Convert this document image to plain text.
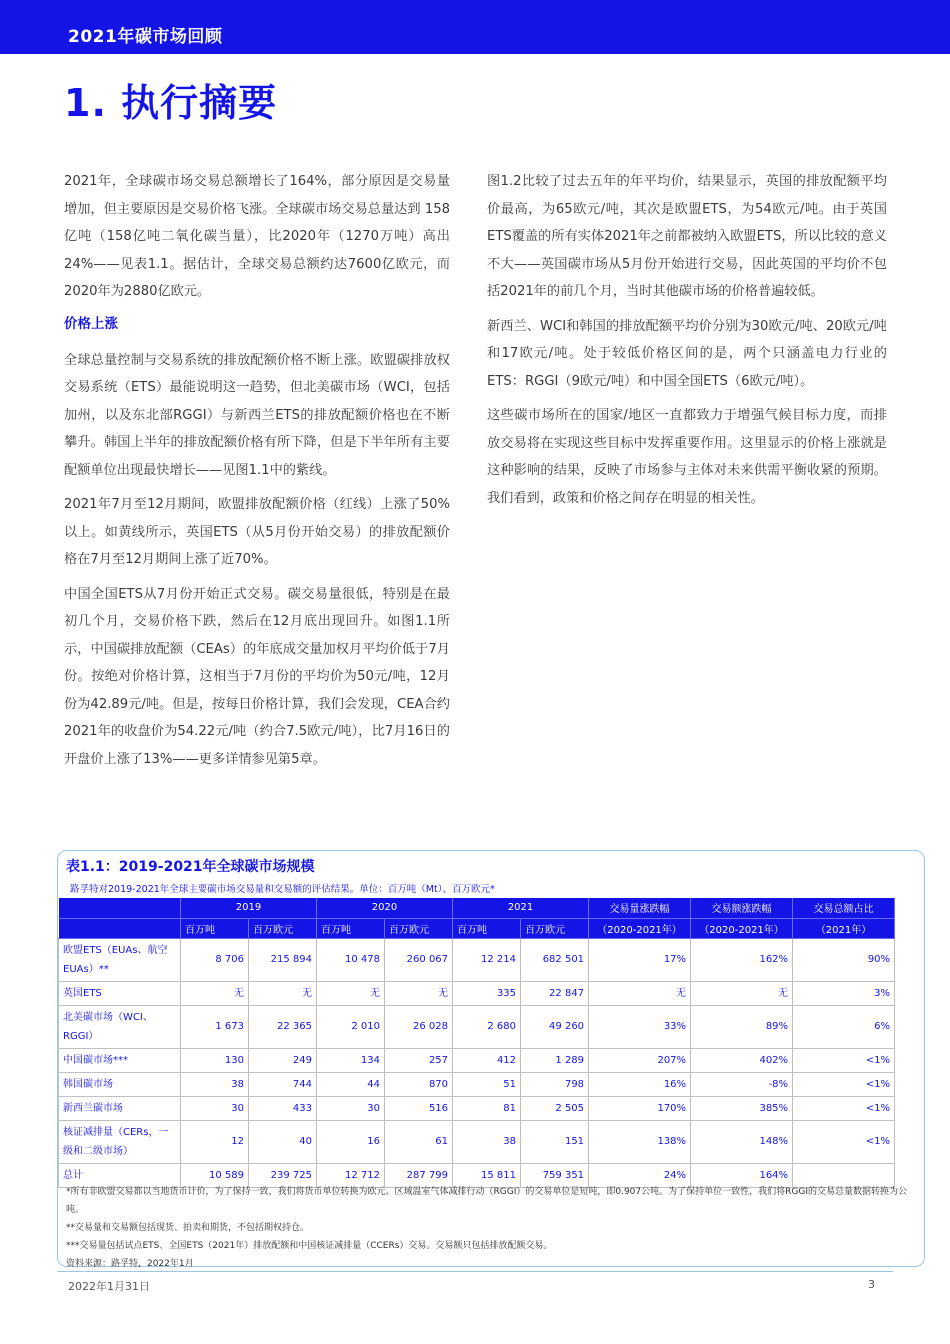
2021年碳市场回顾
1. 执行摘要

2021年，全球碳市场交易总额增长了164%，部分原因是交易量增加，但主要原因是交易价格飞涨。全球碳市场交易总量达到 158亿吨（158亿吨二氧化碳当量），比2020年（1270万吨）高出24%——见表1.1。据估计，全球交易总额约达7600亿欧元，而2020年为2880亿欧元。

价格上涨

全球总量控制与交易系统的排放配额价格不断上涨。欧盟碳排放权交易系统（ETS）最能说明这一趋势，但北美碳市场（WCI，包括加州，以及东北部RGGI）与新西兰ETS的排放配额价格也在不断攀升。韩国上半年的排放配额价格有所下降，但是下半年所有主要配额单位出现最快增长——见图1.1中的紫线。

2021年7月至12月期间，欧盟排放配额价格（红线）上涨了50%以上。如黄线所示，英国ETS（从5月份开始交易）的排放配额价格在7月至12月期间上涨了近70%。

中国全国ETS从7月份开始正式交易。碳交易量很低，特别是在最初几个月，交易价格下跌，然后在12月底出现回升。如图1.1所示，中国碳排放配额（CEAs）的年底成交量加权月平均价低于7月份。按绝对价格计算，这相当于7月份的平均价为50元/吨，12月份为42.89元/吨。但是，按每日价格计算，我们会发现，CEA合约2021年的收盘价为54.22元/吨（约合7.5欧元/吨），比7月16日的开盘价上涨了13%——更多详情参见第5章。

图1.2比较了过去五年的年平均价，结果显示，英国的排放配额平均价最高，为65欧元/吨，其次是欧盟ETS，为54欧元/吨。由于英国ETS覆盖的所有实体2021年之前都被纳入欧盟ETS，所以比较的意义不大——英国碳市场从5月份开始进行交易，因此英国的平均价不包括2021年的前几个月，当时其他碳市场的价格普遍较低。

新西兰、WCI和韩国的排放配额平均价分别为30欧元/吨、20欧元/吨和17欧元/吨。处于较低价格区间的是，两个只涵盖电力行业的ETS：RGGI（9欧元/吨）和中国全国ETS（6欧元/吨）。

这些碳市场所在的国家/地区一直都致力于增强气候目标力度，而排放交易将在实现这些目标中发挥重要作用。这里显示的价格上涨就是这种影响的结果，反映了市场参与主体对未来供需平衡收紧的预期。我们看到，政策和价格之间存在明显的相关性。

表1.1：2019-2021年全球碳市场规模
路孚特对2019-2021年全球主要碳市场交易量和交易额的评估结果。单位：百万吨（Mt）、百万欧元*
	2019		2020		2021		交易量涨跌幅	交易额涨跌幅	交易总额占比
	百万吨	百万欧元	百万吨	百万欧元	百万吨	百万欧元	（2020-2021年）	（2020-2021年）	（2021年）
欧盟ETS（EUAs、航空EUAs）**	8 706	215 894	10 478	260 067	12 214	682 501	17%	162%	90%
英国ETS	无	无	无	无	335	22 847	无	无	3%
北美碳市场（WCI、RGGI）	1 673	22 365	2 010	26 028	2 680	49 260	33%	89%	6%
中国碳市场***	130	249	134	257	412	1 289	207%	402%	<1%
韩国碳市场	38	744	44	870	51	798	16%	-8%	<1%
新西兰碳市场	30	433	30	516	81	2 505	170%	385%	<1%
核证减排量（CERs，一级和二级市场）	12	40	16	61	38	151	138%	148%	<1%
总计	10 589	239 725	12 712	287 799	15 811	759 351	24%	164%	
*所有非欧盟交易都以当地货币计价，为了保持一致，我们将货币单位转换为欧元。区域温室气体减排行动（RGGI）的交易单位是短吨，即0.907公吨。为了保持单位一致性，我们将RGGI的交易总量数据转换为公吨。
**交易量和交易额包括现货、拍卖和期货，不包括期权持仓。
***交易量包括试点ETS、全国ETS（2021年）排放配额和中国核证减排量（CCERs）交易。交易额只包括排放配额交易。
资料来源：路孚特，2022年1月
2022年1月31日	3
